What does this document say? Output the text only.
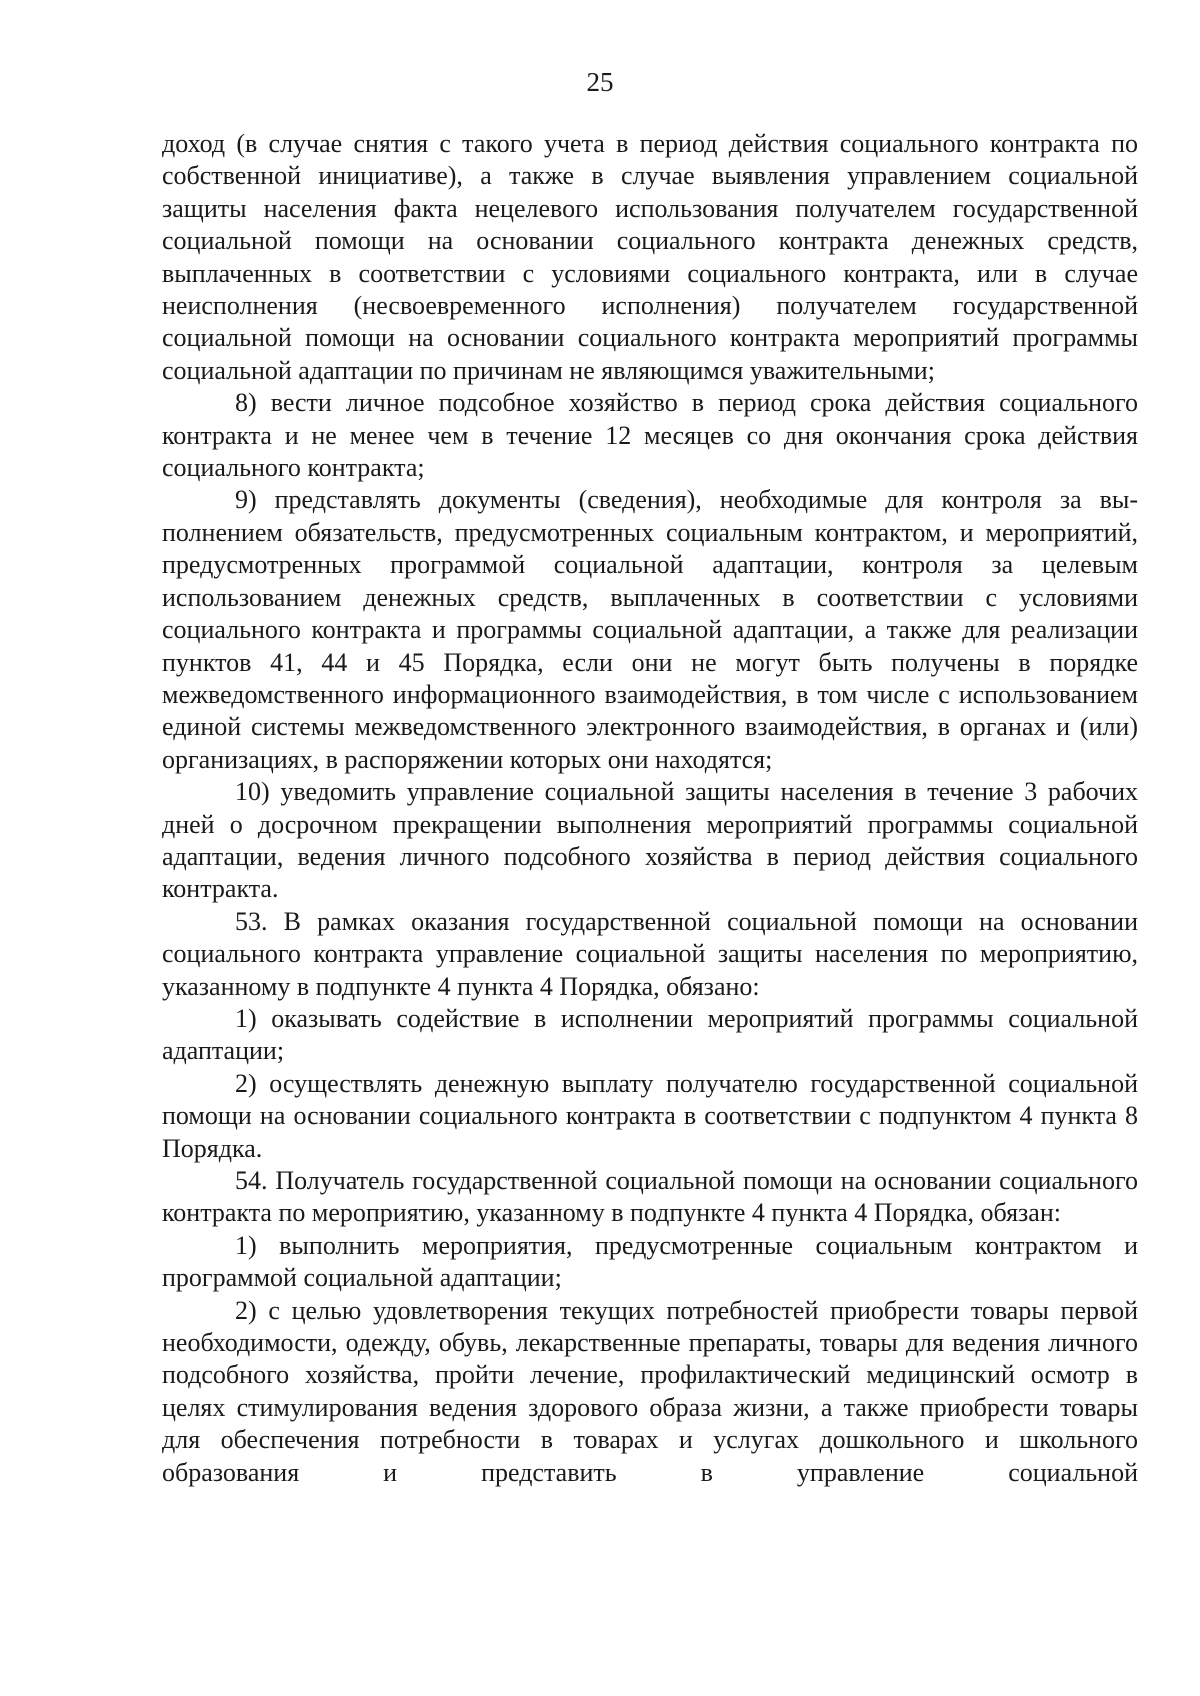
25

доход (в случае снятия с такого учета в период действия социального контракта по собственной инициативе), а также в случае выявления управлением социальной защиты населения факта нецелевого использования получателем государственной социальной помощи на основании социального контракта денежных средств, выплаченных в соответствии с условиями социального контракта, или в случае неисполнения (несвоевременного исполнения) получателем государственной социальной помощи на основании социального контракта мероприятий программы социальной адаптации по причинам не являющимся уважительными;

8) вести личное подсобное хозяйство в период срока действия социального контракта и не менее чем в течение 12 месяцев со дня окончания срока действия социального контракта;

9) представлять документы (сведения), необходимые для контроля за выполнением обязательств, предусмотренных социальным контрактом, и мероприятий, предусмотренных программой социальной адаптации, контроля за целевым использованием денежных средств, выплаченных в соответствии с условиями социального контракта и программы социальной адаптации, а также для реализации пунктов 41, 44 и 45 Порядка, если они не могут быть получены в порядке межведомственного информационного взаимодействия, в том числе с использованием единой системы межведомственного электронного взаимодействия, в органах и (или) организациях, в распоряжении которых они находятся;

10) уведомить управление социальной защиты населения в течение 3 рабочих дней о досрочном прекращении выполнения мероприятий программы социальной адаптации, ведения личного подсобного хозяйства в период действия социального контракта.

53. В рамках оказания государственной социальной помощи на основании социального контракта управление социальной защиты населения по мероприятию, указанному в подпункте 4 пункта 4 Порядка, обязано:

1) оказывать содействие в исполнении мероприятий программы социальной адаптации;

2) осуществлять денежную выплату получателю государственной социальной помощи на основании социального контракта в соответствии с подпунктом 4 пункта 8 Порядка.

54. Получатель государственной социальной помощи на основании социального контракта по мероприятию, указанному в подпункте 4 пункта 4 Порядка, обязан:

1) выполнить мероприятия, предусмотренные социальным контрактом и программой социальной адаптации;

2) с целью удовлетворения текущих потребностей приобрести товары первой необходимости, одежду, обувь, лекарственные препараты, товары для ведения личного подсобного хозяйства, пройти лечение, профилактический медицинский осмотр в целях стимулирования ведения здорового образа жизни, а также приобрести товары для обеспечения потребности в товарах и услугах дошкольного и школьного образования и представить в управление социальной
